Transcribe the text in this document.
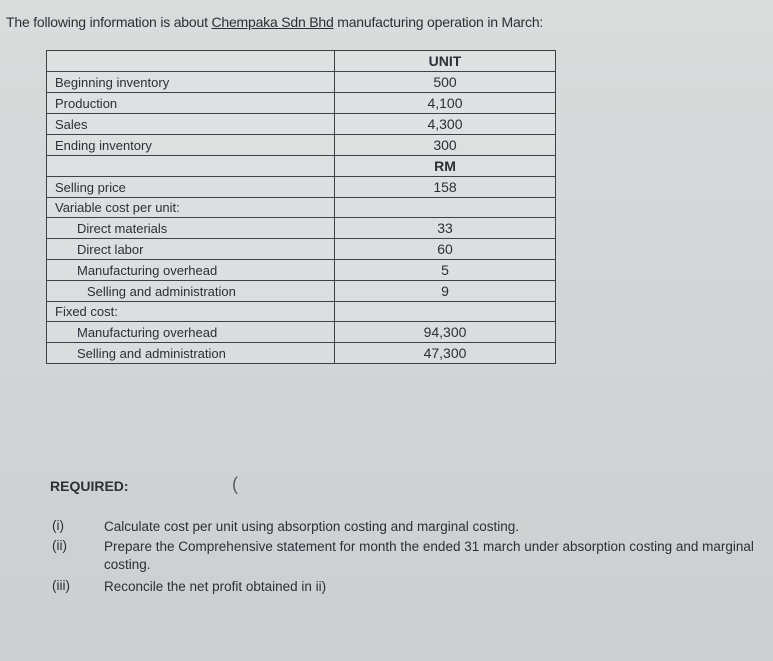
The following information is about Chempaka Sdn Bhd manufacturing operation in March:
	UNIT
Beginning inventory	500
Production	4,100
Sales	4,300
Ending inventory	300
	RM
Selling price	158
Variable cost per unit:	
Direct materials	33
Direct labor	60
Manufacturing overhead	5
Selling and administration	9
Fixed cost:	
Manufacturing overhead	94,300
Selling and administration	47,300
REQUIRED:	(
(i)	Calculate cost per unit using absorption costing and marginal costing.
(ii)	Prepare the Comprehensive statement for month the ended 31 march under absorption costing and marginal costing.
(iii)	Reconcile the net profit obtained in ii)
